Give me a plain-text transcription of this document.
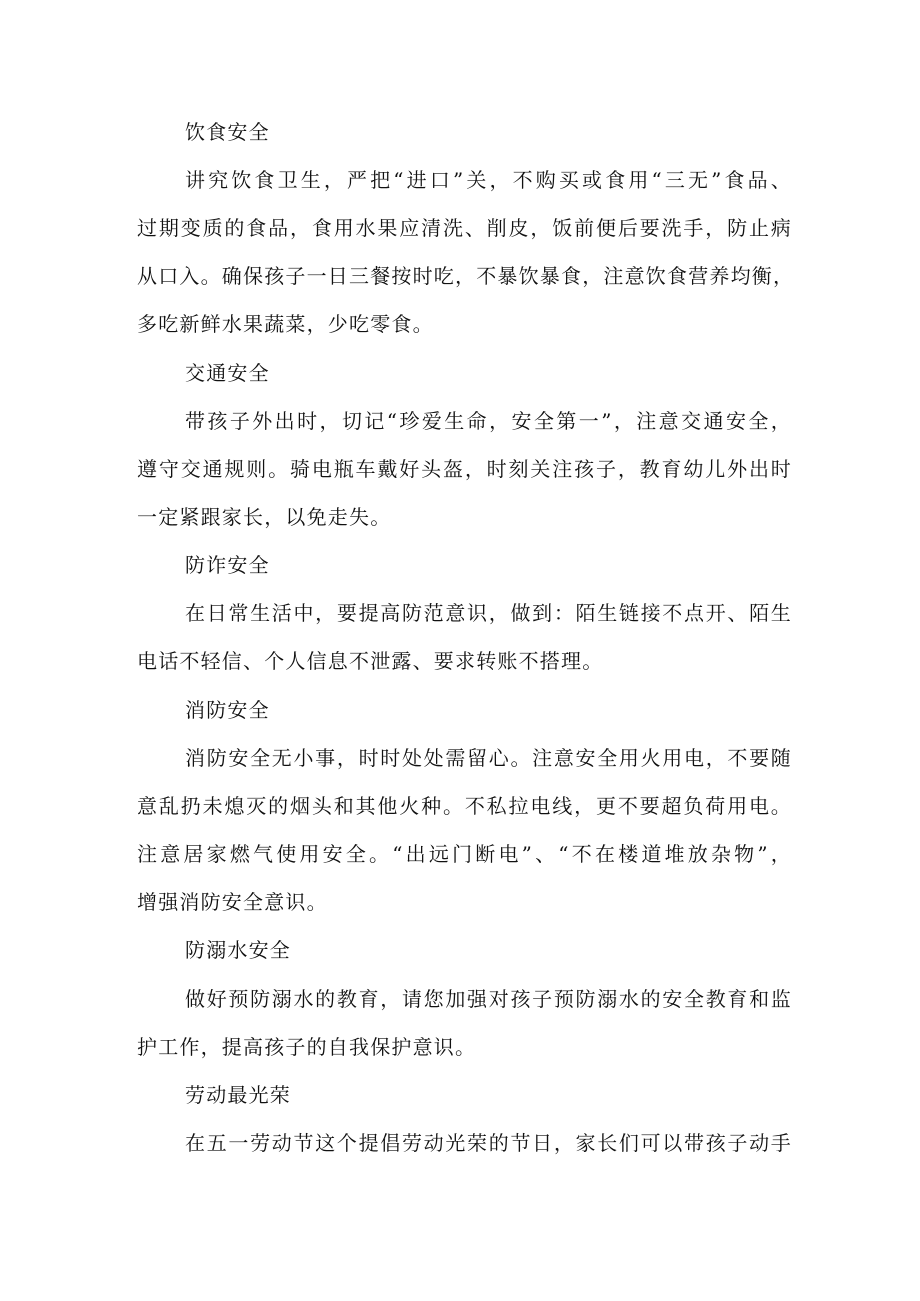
饮食安全
讲究饮食卫生，严把“进口”关，不购买或食用“三无”食品、
过期变质的食品，食用水果应清洗、削皮，饭前便后要洗手，防止病
从口入。确保孩子一日三餐按时吃，不暴饮暴食，注意饮食营养均衡，
多吃新鲜水果蔬菜，少吃零食。
交通安全
带孩子外出时，切记“珍爱生命，安全第一”，注意交通安全，
遵守交通规则。骑电瓶车戴好头盔，时刻关注孩子，教育幼儿外出时
一定紧跟家长，以免走失。
防诈安全
在日常生活中，要提高防范意识，做到：陌生链接不点开、陌生
电话不轻信、个人信息不泄露、要求转账不搭理。
消防安全
消防安全无小事，时时处处需留心。注意安全用火用电，不要随
意乱扔未熄灭的烟头和其他火种。不私拉电线，更不要超负荷用电。
注意居家燃气使用安全。“出远门断电”、“不在楼道堆放杂物”，
增强消防安全意识。
防溺水安全
做好预防溺水的教育，请您加强对孩子预防溺水的安全教育和监
护工作，提高孩子的自我保护意识。
劳动最光荣
在五一劳动节这个提倡劳动光荣的节日，家长们可以带孩子动手
